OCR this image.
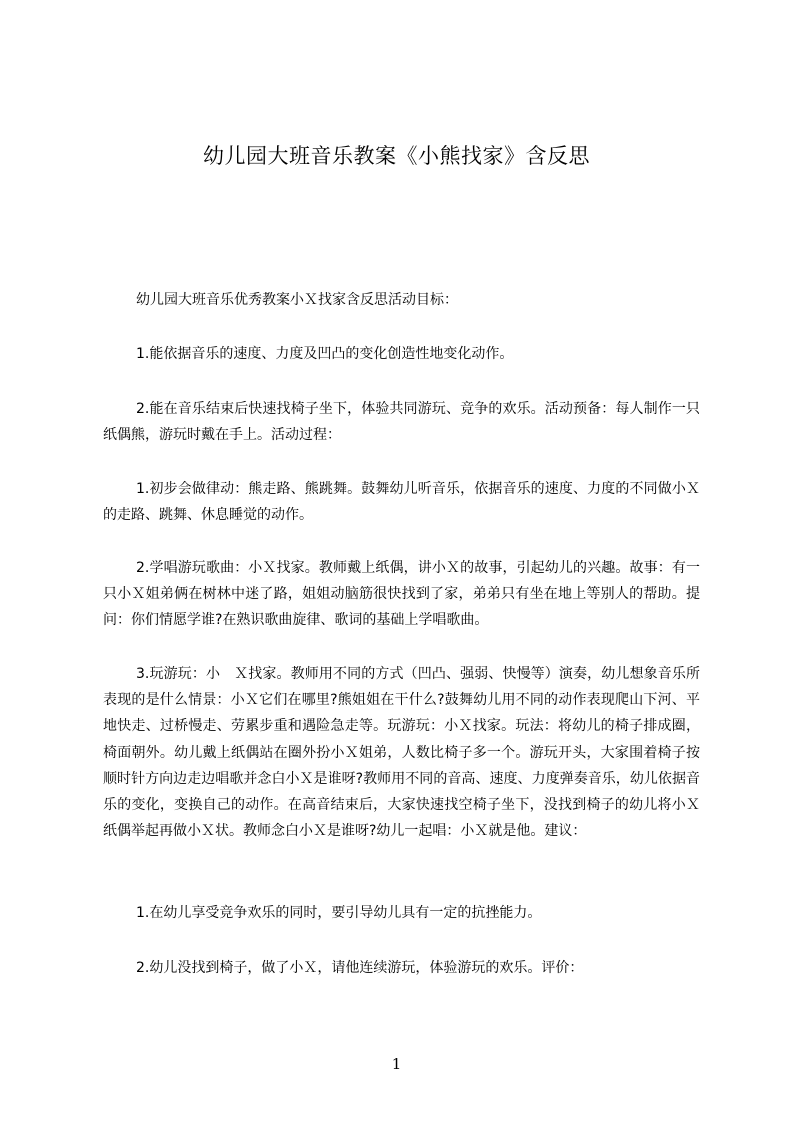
幼儿园大班音乐教案《小熊找家》含反思
幼儿园大班音乐优秀教案小Ｘ找家含反思活动目标：
1.能依据音乐的速度、力度及凹凸的变化创造性地变化动作。
2.能在音乐结束后快速找椅子坐下，体验共同游玩、竞争的欢乐。活动预备：每人制作一只纸偶熊，游玩时戴在手上。活动过程：
1.初步会做律动：熊走路、熊跳舞。鼓舞幼儿听音乐，依据音乐的速度、力度的不同做小Ｘ的走路、跳舞、休息睡觉的动作。
2.学唱游玩歌曲：小Ｘ找家。教师戴上纸偶，讲小Ｘ的故事，引起幼儿的兴趣。故事：有一只小Ｘ姐弟俩在树林中迷了路，姐姐动脑筋很快找到了家，弟弟只有坐在地上等别人的帮助。提问：你们情愿学谁?在熟识歌曲旋律、歌词的基础上学唱歌曲。
3.玩游玩：小　Ｘ找家。教师用不同的方式（凹凸、强弱、快慢等）演奏，幼儿想象音乐所表现的是什么情景：小Ｘ它们在哪里?熊姐姐在干什么?鼓舞幼儿用不同的动作表现爬山下河、平地快走、过桥慢走、劳累步重和遇险急走等。玩游玩：小Ｘ找家。玩法：将幼儿的椅子排成圈，椅面朝外。幼儿戴上纸偶站在圈外扮小Ｘ姐弟，人数比椅子多一个。游玩开头，大家围着椅子按顺时针方向边走边唱歌并念白小Ｘ是谁呀?教师用不同的音高、速度、力度弹奏音乐，幼儿依据音乐的变化，变换自己的动作。在高音结束后，大家快速找空椅子坐下，没找到椅子的幼儿将小Ｘ纸偶举起再做小Ｘ状。教师念白小Ｘ是谁呀?幼儿一起唱：小Ｘ就是他。建议：
1.在幼儿享受竞争欢乐的同时，要引导幼儿具有一定的抗挫能力。
2.幼儿没找到椅子，做了小Ｘ，请他连续游玩，体验游玩的欢乐。评价：
1
